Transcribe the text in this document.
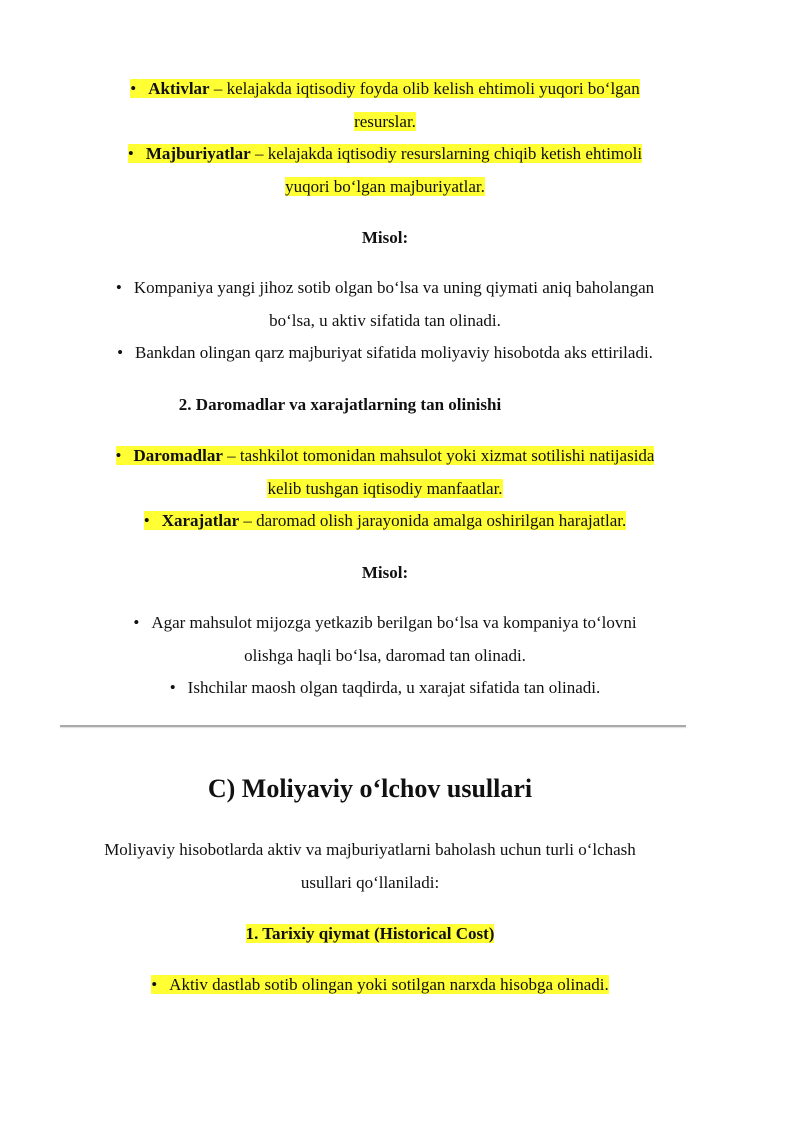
• Aktivlar – kelajakda iqtisodiy foyda olib kelish ehtimoli yuqori bo‘lgan
resurslar.
• Majburiyatlar – kelajakda iqtisodiy resurslarning chiqib ketish ehtimoli
yuqori bo‘lgan majburiyatlar.
Misol:
• Kompaniya yangi jihoz sotib olgan bo‘lsa va uning qiymati aniq baholangan
bo‘lsa, u aktiv sifatida tan olinadi.
• Bankdan olingan qarz majburiyat sifatida moliyaviy hisobotda aks ettiriladi.
2. Daromadlar va xarajatlarning tan olinishi
• Daromadlar – tashkilot tomonidan mahsulot yoki xizmat sotilishi natijasida
kelib tushgan iqtisodiy manfaatlar.
• Xarajatlar – daromad olish jarayonida amalga oshirilgan harajatlar.
Misol:
• Agar mahsulot mijozga yetkazib berilgan bo‘lsa va kompaniya to‘lovni
olishga haqli bo‘lsa, daromad tan olinadi.
• Ishchilar maosh olgan taqdirda, u xarajat sifatida tan olinadi.
C) Moliyaviy o‘lchov usullari
Moliyaviy hisobotlarda aktiv va majburiyatlarni baholash uchun turli o‘lchash
usullari qo‘llaniladi:
1. Tarixiy qiymat (Historical Cost)
• Aktiv dastlab sotib olingan yoki sotilgan narxda hisobga olinadi.
